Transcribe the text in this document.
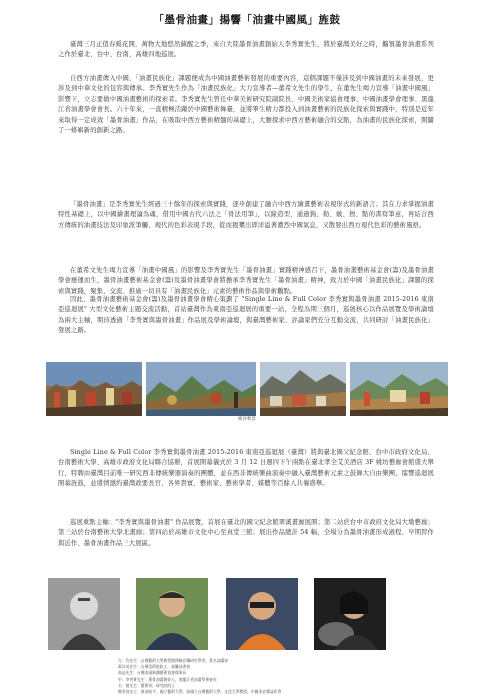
「墨骨油畫」揚響「油畫中國風」旌鼓
臺灣三月正值春暖花開，萬物大地悠然蘇醒之季，來自大陸墨骨油畫創始人李秀實先生，將於臺灣美好之時，攜領墨骨油畫系列之作於臺北、台中、台南、高雄四地巡展。
自西方油畫傳入中國，「油畫民族化」課題便成為中國油畫藝術發展的重要內容，這個課題不僅涉及到中國油畫的未來發展，更涉及到中華文化的包容與傳承。李秀實先生作為「油畫民族化」大力宣導者—董希文先生的學生，在董先生竭力宣導「油畫中國風」影響下，立志要做中國油畫藝術的探索者。李秀實先生曾任中華美術研究院副院長、中國美術家協會理事、中國油畫學會理事、黑龍江省油畫學會會長。六十年來，一直精極活躍於中國藝術舞臺，並將畢生精力都投入到油畫藝術的民族化探索與實踐中，特別是近年來取得一定成效「墨骨油畫」作品，在吸取中西方藝術精髓的基礎上，大膽探求中西方藝術融合的交點，為油畫的民族化探索，開闢了一條嶄新的創新之路。
「墨骨油畫」是李秀實先生經過三十餘年的探索與實踐，逐步創建了融合中西方繪畫藝術表現形式的新語言；其在力求掌握油畫特性基礎上，以中國繪畫理論為魂，借用中國古代六法之「骨法用筆」，以線造型，通過鉤、勒、皴、擦、點的書寫筆意，再結合西方傳統的油畫技法及印象派筆觸、現代的色彩表現手段，從而揭櫫出即洋溢著濃烈中國氣息，又散發出西方現代色彩的藝術風格。
在董希文先生竭力宣導「油畫中國風」的影響及李秀實先生「墨骨油畫」實踐精神感召下，墨骨油畫藝術基金會(籌)及墨骨油畫學會應運而生，墨骨油畫藝術基金會(籌)及墨骨油畫學會將擔承李秀實先生「墨骨油畫」精神，致力於中國「油畫民族化」課題的探索與實踐，聚集、交流、推廣一切具有「油畫民族化」元素的藝術作品與學術觀點。
因此，墨骨油畫藝術基金會(籌)及墨骨油畫學會精心策劃了 "Single Line & Full Color 李秀實與墨骨油畫 2015-2016 東南亞巡迴展" 大型文化藝術主題交流活動，首站臺灣作為東南亞巡迴展的重要一站，全程為期三個月，巡展核心以作品展覽及學術論壇為兩大主軸，期待透過「李秀實與墨骨油畫」作品展及學術論壇，與臺灣藝術家、評論家們充分互動交流，共同研討「油畫民族化」發展之路。
峽谷秋景
Single Line & Full Color 李秀實與墨骨油畫 2015-2016 東南亞巡迴展（臺灣）將與臺北國父紀念館、台中市政府文化局、台南藝術大學、高雄市政府文化局聯合協辦，首展開幕儀式於 3 月 12 日週四下午兩點在臺北孝全艾美酒店 3F 姚坊藝廊會館盛大舉行，特聘由臺灣目前唯一研究西非傳統樂器演奏的團體，並在西非傳統樂曲演奏中融入臺灣藝術元素之鼓舞大自由樂團，擂響巡迴展開幕旌鼓，並盛情邀約臺灣政要長官、各界貴賓、藝術家、藝術學者、媒體等百餘人共襄盛舉。
巡展重點主軸："李秀實與墨骨油畫" 作品展覽，首展在臺北的國父紀念館翠溪畫廊展開；第二站於台中市政府文化局大墩藝廊；第三站於台南藝術大學北畫廊；第四站於高雄市文化中心至真堂三館；展出作品總計 54 幅，全場分為墨骨油畫形成過程、早期習作與近作、墨骨油畫作品三大展區。
左：均先生：台灣藝術大學教授暨傳統音樂研究學者，著名油畫家
萬其英先生：台灣美術院院士，東籬詩書苑
高品先生：台灣表現新潮藝術協會理事長
中：李秀實先生：墨骨油畫創始人、黑龍江省油畫學會會長
右：趙先生：藝術家，研究院院士
鄭秀貞女士：資深鼓手，國立藝術大學、前國立台灣藝術大學、文化大學教授，中國金音雜誌作者
